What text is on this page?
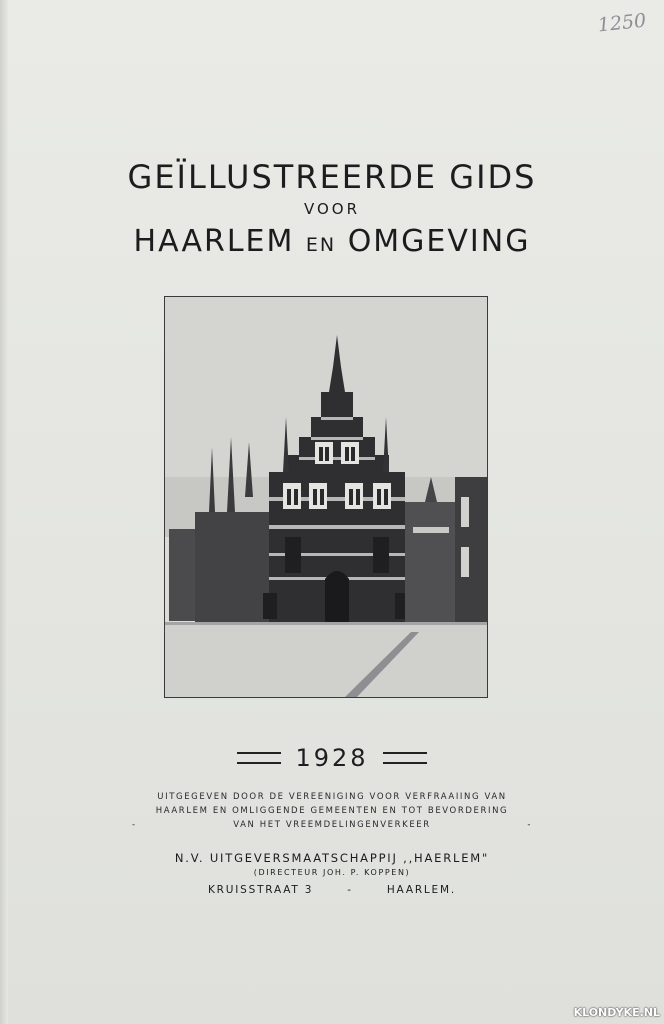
1250
GEÏLLUSTREERDE GIDS
VOOR
HAARLEM EN OMGEVING
1928
UITGEGEVEN DOOR DE VEREENIGING VOOR VERFRAAIING VAN
HAARLEM EN OMLIGGENDE GEMEENTEN EN TOT BEVORDERING
-	VAN HET VREEMDELINGENVERKEER	-
N.V. UITGEVERSMAATSCHAPPIJ ,,HAERLEM"
(DIRECTEUR JOH. P. KOPPEN)
KRUISSTRAAT 3	-	HAARLEM.
KLONDYKE.NL
